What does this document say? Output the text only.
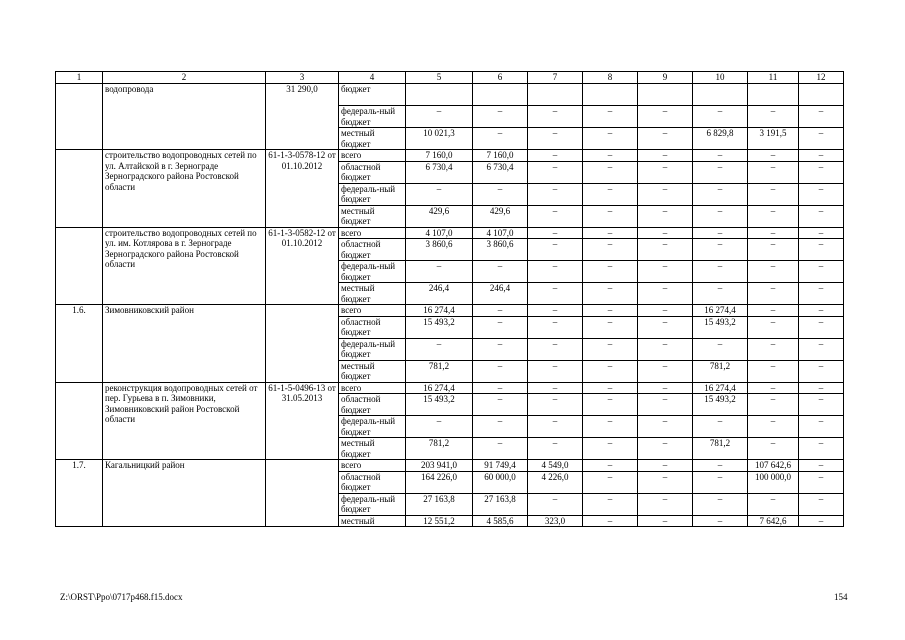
1	2	3	4	5	6	7	8	9	10	11	12
	водопровода	31 290,0	бюджет								
			федераль-ный бюджет	–	–	–	–	–	–	–	–
			местный бюджет	10 021,3	–	–	–	–	6 829,8	3 191,5	–
	строительство водопроводных сетей по ул. Алтайской в г. Зернограде Зерноградского района Ростовской области	61-1-3-0578-12 от 01.10.2012	всего	7 160,0	7 160,0	–	–	–	–	–	–
			областной бюджет	6 730,4	6 730,4	–	–	–	–	–	–
			федераль-ный бюджет	–	–	–	–	–	–	–	–
			местный бюджет	429,6	429,6	–	–	–	–	–	–
	строительство водопроводных сетей по ул. им. Котлярова в г. Зернограде Зерноградского района Ростовской области	61-1-3-0582-12 от 01.10.2012	всего	4 107,0	4 107,0	–	–	–	–	–	–
			областной бюджет	3 860,6	3 860,6	–	–	–	–	–	–
			федераль-ный бюджет	–	–	–	–	–	–	–	–
			местный бюджет	246,4	246,4	–	–	–	–	–	–
1.6.	Зимовниковский район		всего	16 274,4	–	–	–	–	16 274,4	–	–
			областной бюджет	15 493,2	–	–	–	–	15 493,2	–	–
			федераль-ный бюджет	–	–	–	–	–	–	–	–
			местный бюджет	781,2	–	–	–	–	781,2	–	–
	реконструкция водопроводных сетей от пер. Гурьева в п. Зимовники, Зимовниковский район Ростовской области	61-1-5-0496-13 от 31.05.2013	всего	16 274,4	–	–	–	–	16 274,4	–	–
			областной бюджет	15 493,2	–	–	–	–	15 493,2	–	–
			федераль-ный бюджет	–	–	–	–	–	–	–	–
			местный бюджет	781,2	–	–	–	–	781,2	–	–
1.7.	Кагальницкий район		всего	203 941,0	91 749,4	4 549,0	–	–	–	107 642,6	–
			областной бюджет	164 226,0	60 000,0	4 226,0	–	–	–	100 000,0	–
			федераль-ный бюджет	27 163,8	27 163,8	–	–	–	–	–	–
			местный	12 551,2	4 585,6	323,0	–	–	–	7 642,6	–
Z:\ORST\Ppo\0717p468.f15.docx	154
